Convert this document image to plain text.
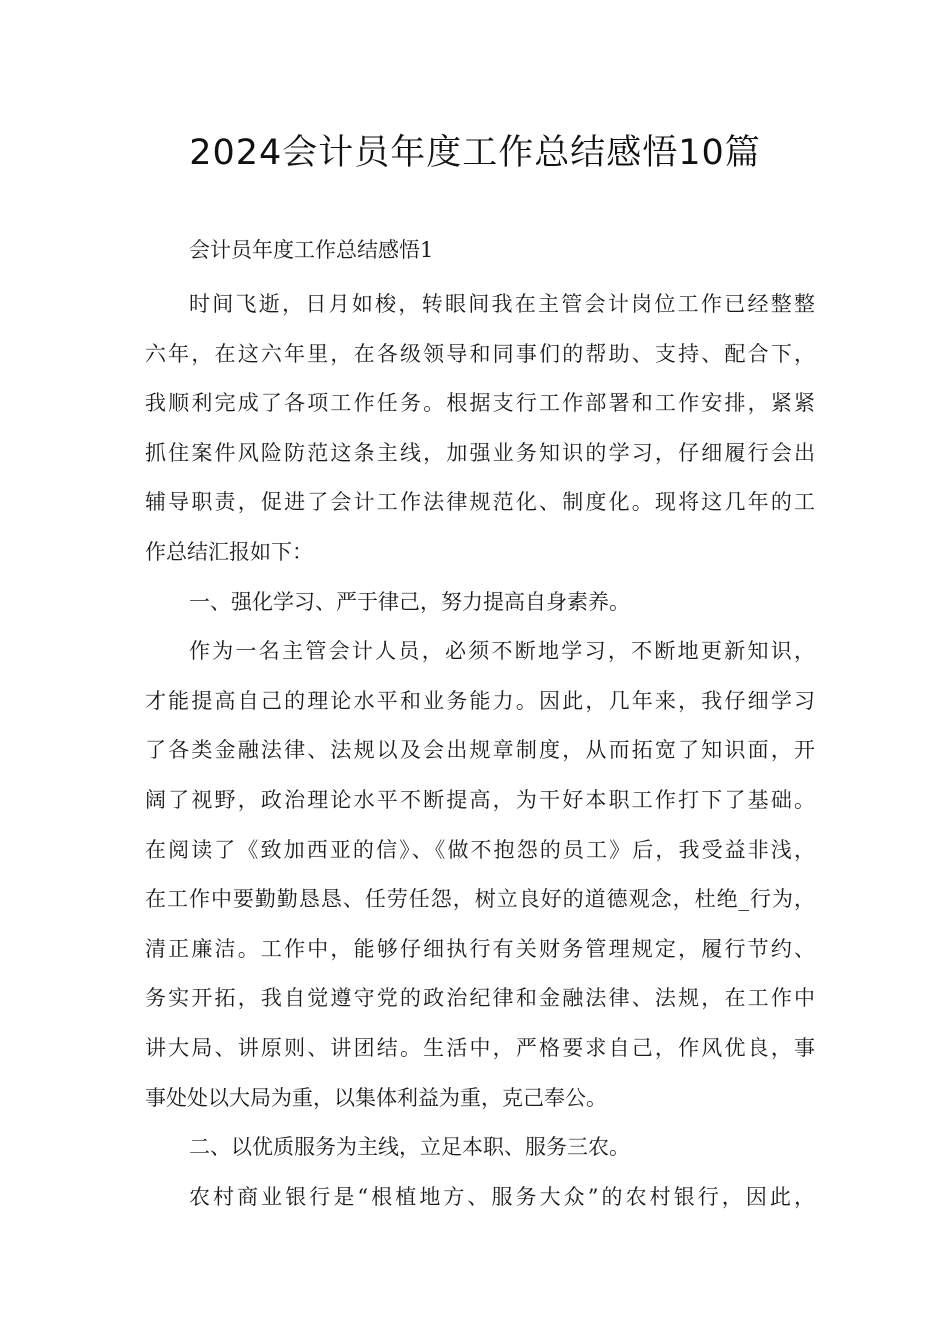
2024会计员年度工作总结感悟10篇

会计员年度工作总结感悟1

时间飞逝，日月如梭，转眼间我在主管会计岗位工作已经整整
六年，在这六年里，在各级领导和同事们的帮助、支持、配合下，
我顺利完成了各项工作任务。根据支行工作部署和工作安排，紧紧
抓住案件风险防范这条主线，加强业务知识的学习，仔细履行会出
辅导职责，促进了会计工作法律规范化、制度化。现将这几年的工
作总结汇报如下：
一、强化学习、严于律己，努力提高自身素养。
作为一名主管会计人员，必须不断地学习，不断地更新知识，
才能提高自己的理论水平和业务能力。因此，几年来，我仔细学习
了各类金融法律、法规以及会出规章制度，从而拓宽了知识面，开
阔了视野，政治理论水平不断提高，为干好本职工作打下了基础。
在阅读了《致加西亚的信》、《做不抱怨的员工》后，我受益非浅，
在工作中要勤勤恳恳、任劳任怨，树立良好的道德观念，杜绝_行为，
清正廉洁。工作中，能够仔细执行有关财务管理规定，履行节约、
务实开拓，我自觉遵守党的政治纪律和金融法律、法规，在工作中
讲大局、讲原则、讲团结。生活中，严格要求自己，作风优良，事
事处处以大局为重，以集体利益为重，克己奉公。
二、以优质服务为主线，立足本职、服务三农。
农村商业银行是“根植地方、服务大众”的农村银行，因此，
